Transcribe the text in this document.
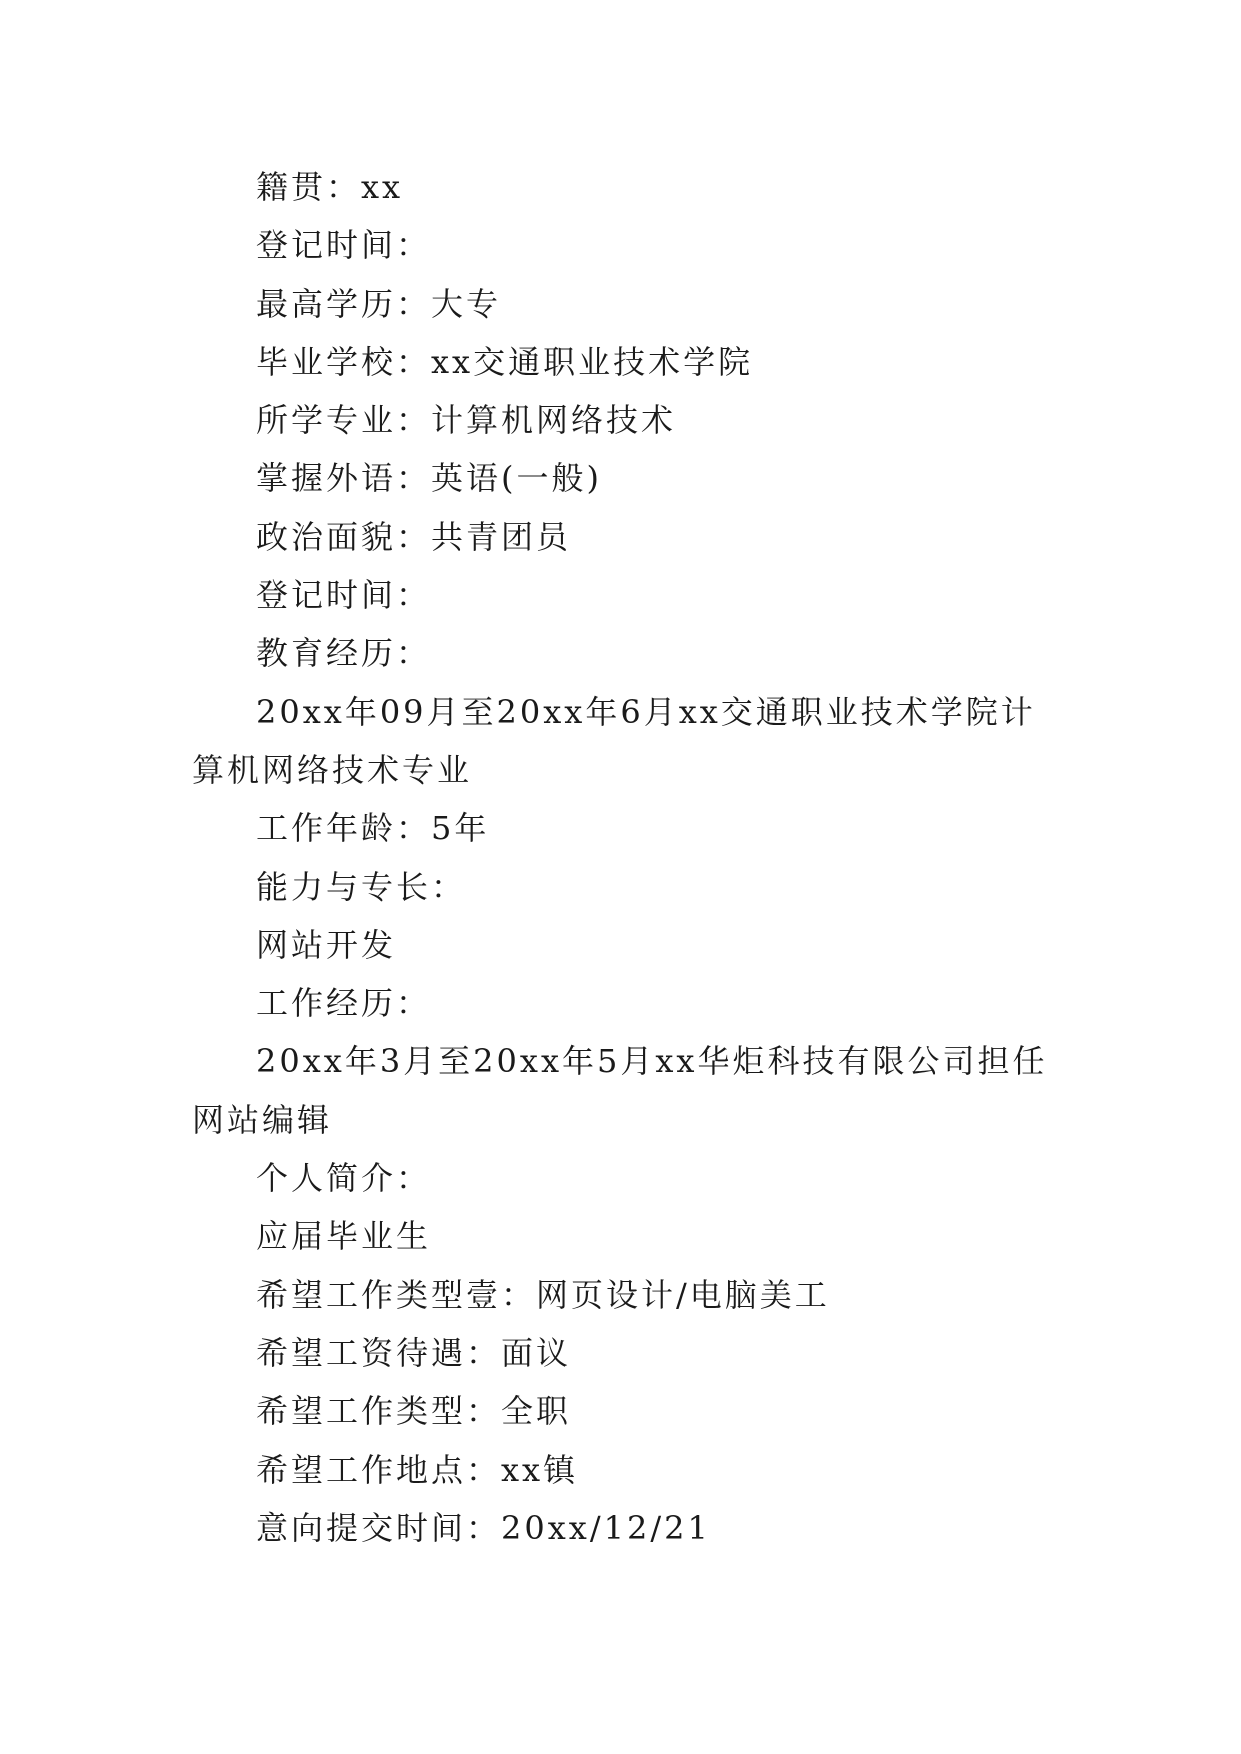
籍贯：xx

登记时间：

最高学历：大专

毕业学校：xx交通职业技术学院

所学专业：计算机网络技术

掌握外语：英语(一般)

政治面貌：共青团员

登记时间：

教育经历：

20xx年09月至20xx年6月xx交通职业技术学院计算机网络技术专业

工作年龄：5年

能力与专长：

网站开发

工作经历：

20xx年3月至20xx年5月xx华炬科技有限公司担任网站编辑

个人简介：

应届毕业生

希望工作类型壹：网页设计/电脑美工

希望工资待遇：面议

希望工作类型：全职

希望工作地点：xx镇

意向提交时间：20xx/12/21
